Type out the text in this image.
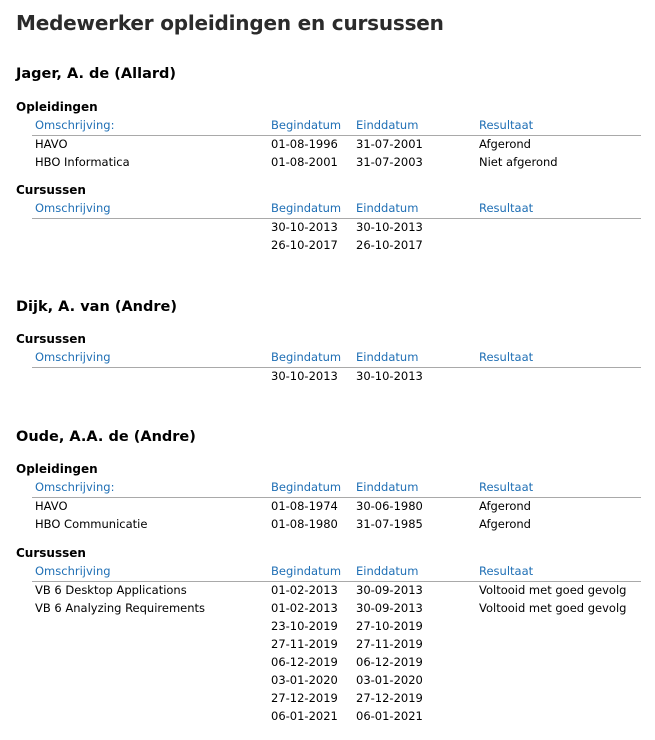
Medewerker opleidingen en cursussen
Jager, A. de (Allard)
Opleidingen
Omschrijving:	Begindatum Einddatum	Resultaat
HAVO	01-08-1996 31-07-2001	Afgerond
HBO Informatica	01-08-2001 31-07-2003	Niet afgerond
Cursussen
Omschrijving	Begindatum Einddatum	Resultaat
30-10-2013 30-10-2013
26-10-2017 26-10-2017
Dijk, A. van (Andre)
Cursussen
Omschrijving	Begindatum Einddatum	Resultaat
30-10-2013 30-10-2013
Oude, A.A. de (Andre)
Opleidingen
Omschrijving:	Begindatum Einddatum	Resultaat
HAVO	01-08-1974 30-06-1980	Afgerond
HBO Communicatie	01-08-1980 31-07-1985	Afgerond
Cursussen
Omschrijving	Begindatum Einddatum	Resultaat
VB 6 Desktop Applications	01-02-2013 30-09-2013	Voltooid met goed gevolg
VB 6 Analyzing Requirements	01-02-2013 30-09-2013	Voltooid met goed gevolg
23-10-2019 27-10-2019
27-11-2019 27-11-2019
06-12-2019 06-12-2019
03-01-2020 03-01-2020
27-12-2019 27-12-2019
06-01-2021 06-01-2021
